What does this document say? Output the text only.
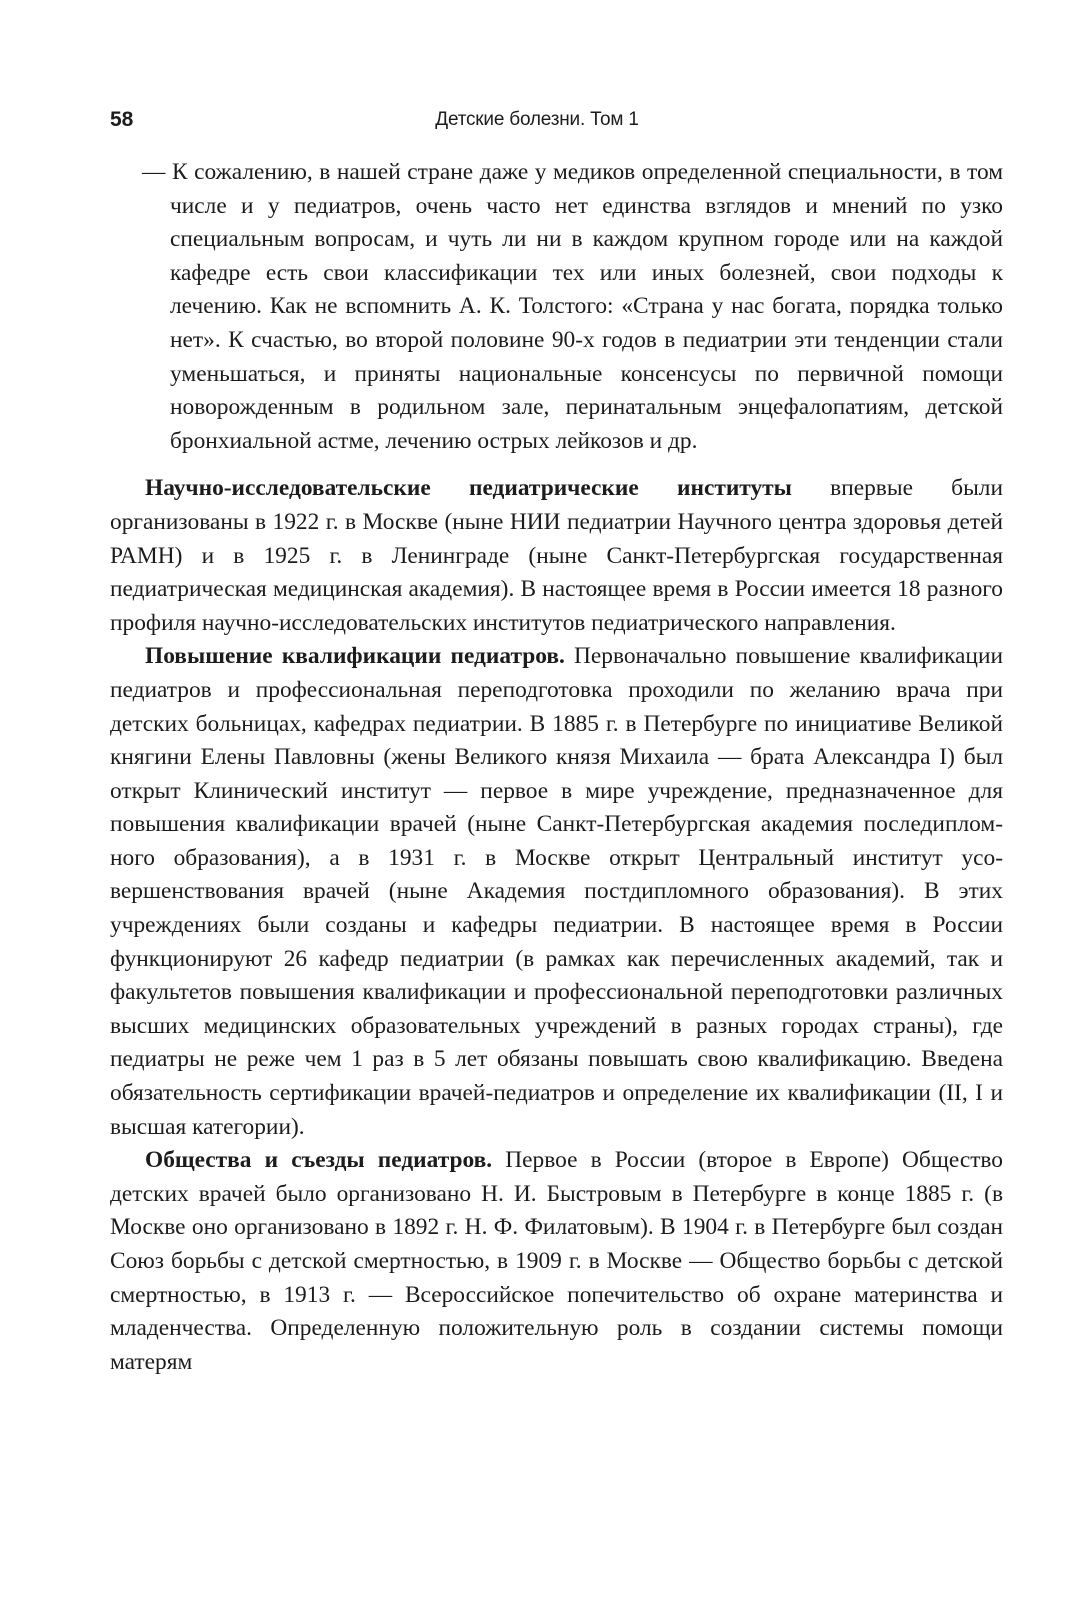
58	Детские болезни. Том 1

— К сожалению, в нашей стране даже у медиков определенной специальности, в том числе и у педиатров, очень часто нет единства взглядов и мнений по узко специальным вопросам, и чуть ли ни в каждом крупном городе или на каждой кафедре есть свои классификации тех или иных болезней, свои подходы к лечению. Как не вспомнить А. К. Толстого: «Страна у нас богата, порядка только нет». К счастью, во второй половине 90-х годов в педиатрии эти тенденции стали уменьшаться, и приняты национальные консенсусы по первичной помощи новорожденным в родильном зале, перинатальным энцефалопатиям, детской бронхиальной астме, лечению острых лейкозов и др.

Научно-исследовательские педиатрические институты впервые были организованы в 1922 г. в Москве (ныне НИИ педиатрии Научного центра здоровья детей РАМН) и в 1925 г. в Ленинграде (ныне Санкт-Петербургская государственная педиатрическая медицинская академия). В настоящее время в России имеется 18 разного профиля научно-исследовательских институтов педиатрического направления.

Повышение квалификации педиатров. Первоначально повышение квалификации педиатров и профессиональная переподготовка проходили по желанию врача при детских больницах, кафедрах педиатрии. В 1885 г. в Петербурге по инициативе Великой княгини Елены Павловны (жены Великого князя Михаила — брата Александра I) был открыт Клинический институт — первое в мире учреждение, предназначенное для повышения квалификации врачей (ныне Санкт-Петербургская академия последипломного образования), а в 1931 г. в Москве открыт Центральный институт усовершенствования врачей (ныне Академия постдипломного образования). В этих учреждениях были созданы и кафедры педиатрии. В настоящее время в России функционируют 26 кафедр педиатрии (в рамках как перечисленных академий, так и факультетов повышения квалификации и профессиональной переподготовки различных высших медицинских образовательных учреждений в разных городах страны), где педиатры не реже чем 1 раз в 5 лет обязаны повышать свою квалификацию. Введена обязательность сертификации врачей-педиатров и определение их квалификации (II, I и высшая категории).

Общества и съезды педиатров. Первое в России (второе в Европе) Общество детских врачей было организовано Н. И. Быстровым в Петербурге в конце 1885 г. (в Москве оно организовано в 1892 г. Н. Ф. Филатовым). В 1904 г. в Петербурге был создан Союз борьбы с детской смертностью, в 1909 г. в Москве — Общество борьбы с детской смертностью, в 1913 г. — Всероссийское попечительство об охране материнства и младенчества. Определенную положительную роль в создании системы помощи матерям
